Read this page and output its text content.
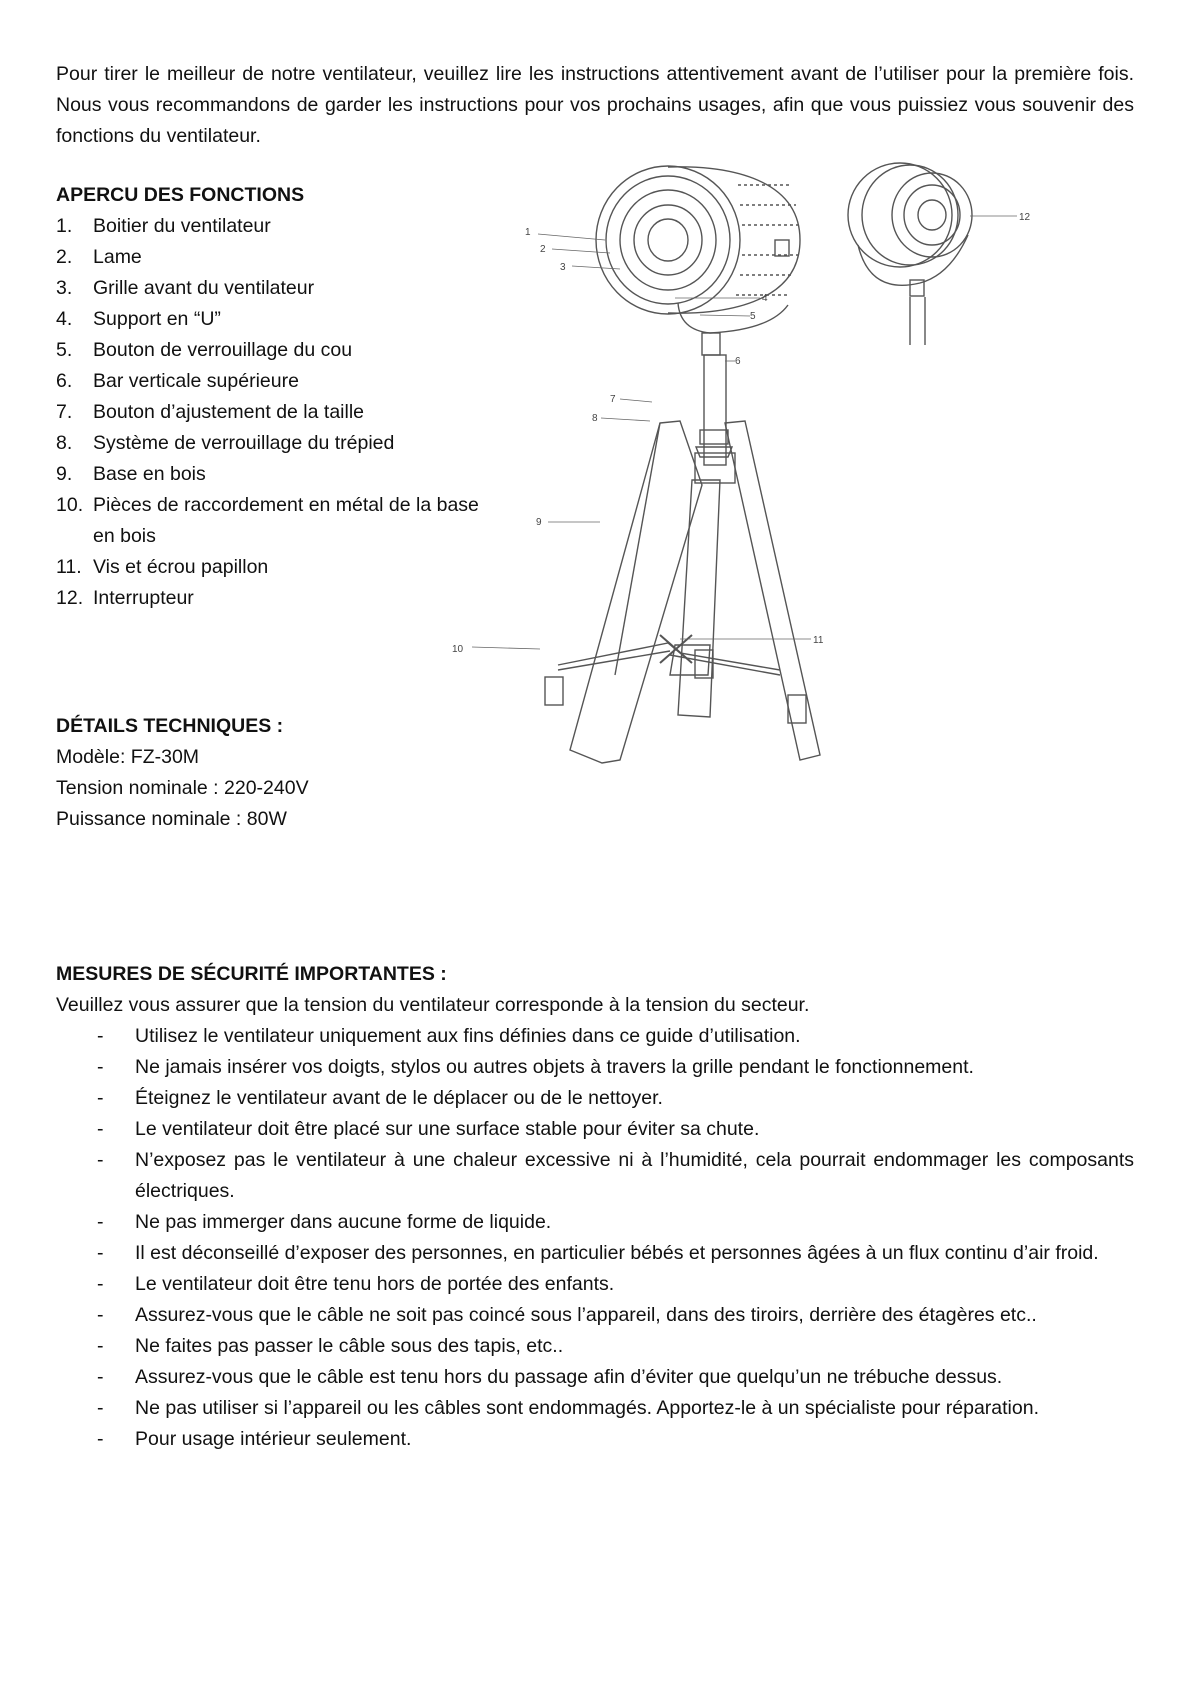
Pour tirer le meilleur de notre ventilateur, veuillez lire les instructions attentivement avant de l’utiliser pour la première fois. Nous vous recommandons de garder les instructions pour vos prochains usages, afin que vous puissiez vous souvenir des fonctions du ventilateur.

APERCU DES FONCTIONS

1. Boitier du ventilateur
2. Lame
3. Grille avant du ventilateur
4. Support en “U”
5. Bouton de verrouillage du cou
6. Bar verticale supérieure
7. Bouton d’ajustement de la taille
8. Système de verrouillage du trépied
9. Base en bois
10. Pièces de raccordement en métal de la base en bois
11. Vis et écrou papillon
12. Interrupteur
1
2
3
4
5
6
7
8
9
10
11
12

DÉTAILS TECHNIQUES :

Modèle: FZ-30M

Tension nominale : 220-240V

Puissance nominale : 80W

MESURES DE SÉCURITÉ IMPORTANTES :

Veuillez vous assurer que la tension du ventilateur corresponde à la tension du secteur.

- Utilisez le ventilateur uniquement aux fins définies dans ce guide d’utilisation.
- Ne jamais insérer vos doigts, stylos ou autres objets à travers la grille pendant le fonctionnement.
- Éteignez le ventilateur avant de le déplacer ou de le nettoyer.
- Le ventilateur doit être placé sur une surface stable pour éviter sa chute.
- N’exposez pas le ventilateur à une chaleur excessive ni à l’humidité, cela pourrait endommager les composants électriques.
- Ne pas immerger dans aucune forme de liquide.
- Il est déconseillé d’exposer des personnes, en particulier bébés et personnes âgées à un flux continu d’air froid.
- Le ventilateur doit être tenu hors de portée des enfants.
- Assurez-vous que le câble ne soit pas coincé sous l’appareil, dans des tiroirs, derrière des étagères etc..
- Ne faites pas passer le câble sous des tapis, etc..
- Assurez-vous que le câble est tenu hors du passage afin d’éviter que quelqu’un ne trébuche dessus.
- Ne pas utiliser si l’appareil ou les câbles sont endommagés. Apportez-le à un spécialiste pour réparation.
- Pour usage intérieur seulement.
